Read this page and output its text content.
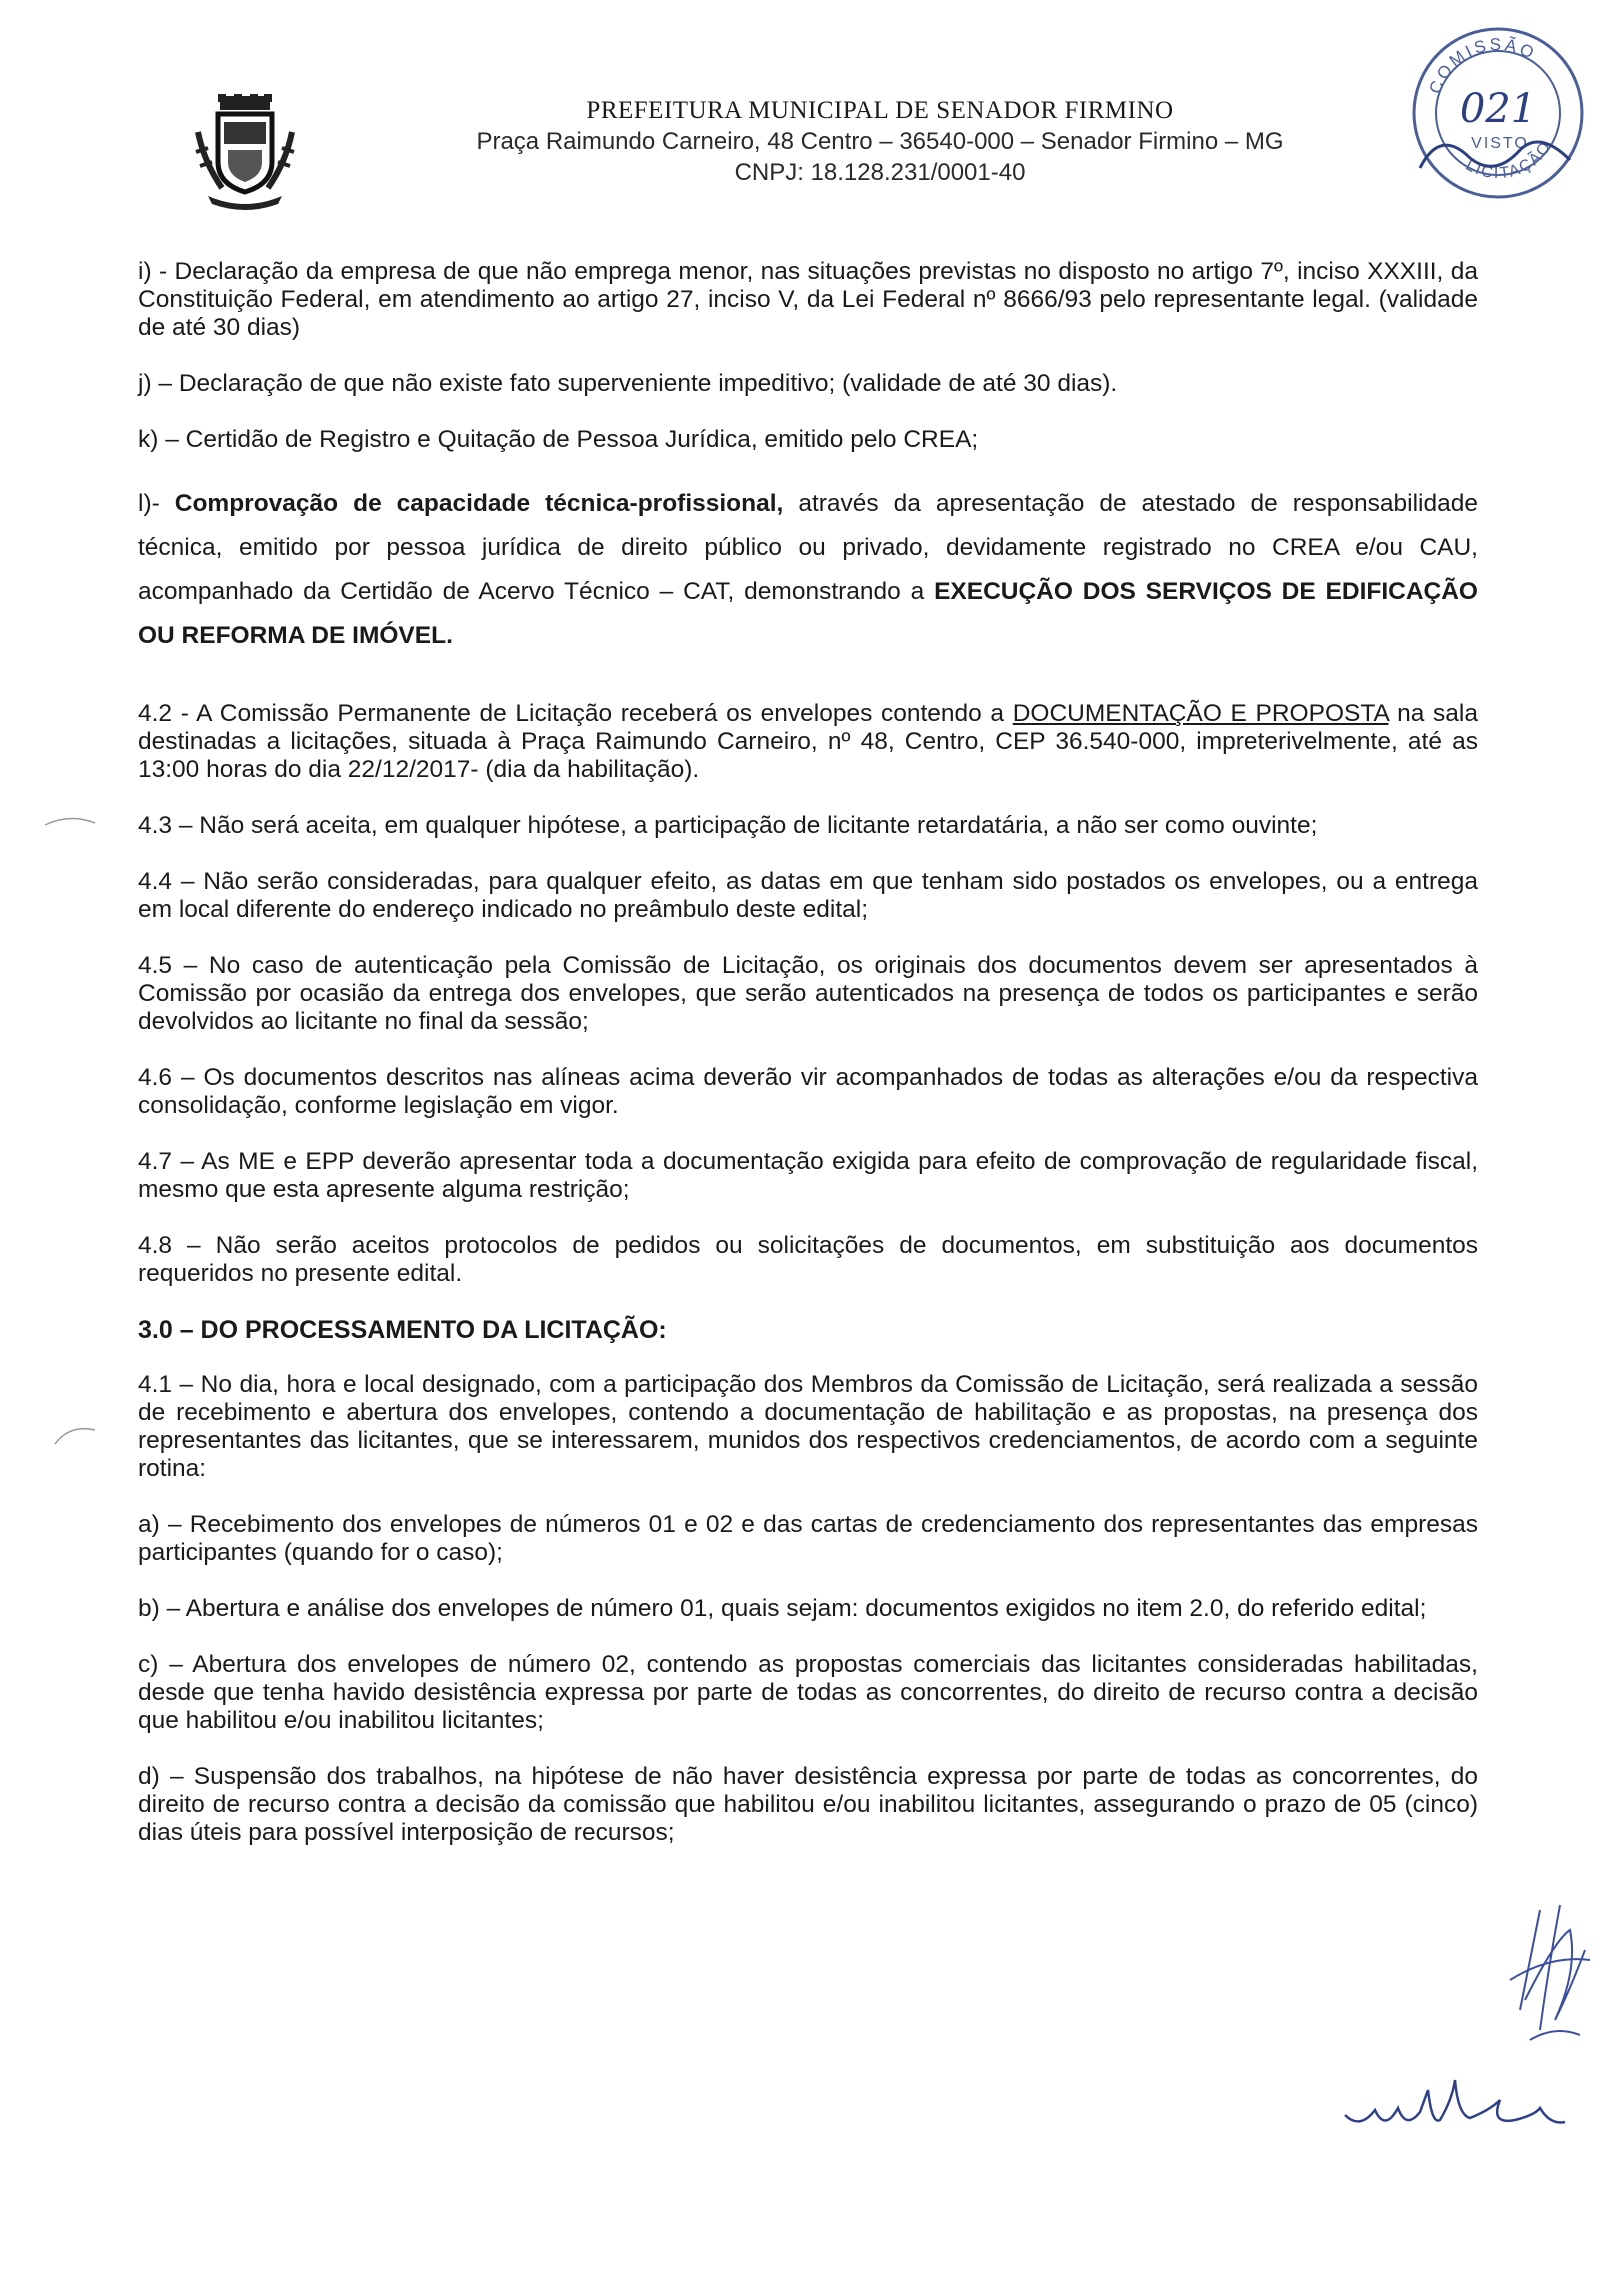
PREFEITURA MUNICIPAL DE SENADOR FIRMINO
Praça Raimundo Carneiro, 48 Centro – 36540-000 – Senador Firmino – MG
CNPJ: 18.128.231/0001-40
COMISSÃO
021
VISTO
LICITAÇÃO

i) - Declaração da empresa de que não emprega menor, nas situações previstas no disposto no artigo 7º, inciso XXXIII, da Constituição Federal, em atendimento ao artigo 27, inciso V, da Lei Federal nº 8666/93 pelo representante legal. (validade de até 30 dias)

j) – Declaração de que não existe fato superveniente impeditivo; (validade de até 30 dias).

k) – Certidão de Registro e Quitação de Pessoa Jurídica, emitido pelo CREA;

l)- Comprovação de capacidade técnica-profissional, através da apresentação de atestado de responsabilidade técnica, emitido por pessoa jurídica de direito público ou privado, devidamente registrado no CREA e/ou CAU, acompanhado da Certidão de Acervo Técnico – CAT, demonstrando a EXECUÇÃO DOS SERVIÇOS DE EDIFICAÇÃO OU REFORMA DE IMÓVEL.

4.2 - A Comissão Permanente de Licitação receberá os envelopes contendo a DOCUMENTAÇÃO E PROPOSTA na sala destinadas a licitações, situada à Praça Raimundo Carneiro, nº 48, Centro, CEP 36.540-000, impreterivelmente, até as 13:00 horas do dia 22/12/2017- (dia da habilitação).

4.3 – Não será aceita, em qualquer hipótese, a participação de licitante retardatária, a não ser como ouvinte;

4.4 – Não serão consideradas, para qualquer efeito, as datas em que tenham sido postados os envelopes, ou a entrega em local diferente do endereço indicado no preâmbulo deste edital;

4.5 – No caso de autenticação pela Comissão de Licitação, os originais dos documentos devem ser apresentados à Comissão por ocasião da entrega dos envelopes, que serão autenticados na presença de todos os participantes e serão devolvidos ao licitante no final da sessão;

4.6 – Os documentos descritos nas alíneas acima deverão vir acompanhados de todas as alterações e/ou da respectiva consolidação, conforme legislação em vigor.

4.7 – As ME e EPP deverão apresentar toda a documentação exigida para efeito de comprovação de regularidade fiscal, mesmo que esta apresente alguma restrição;

4.8 – Não serão aceitos protocolos de pedidos ou solicitações de documentos, em substituição aos documentos requeridos no presente edital.

3.0 – DO PROCESSAMENTO DA LICITAÇÃO:

4.1 – No dia, hora e local designado, com a participação dos Membros da Comissão de Licitação, será realizada a sessão de recebimento e abertura dos envelopes, contendo a documentação de habilitação e as propostas, na presença dos representantes das licitantes, que se interessarem, munidos dos respectivos credenciamentos, de acordo com a seguinte rotina:

a) – Recebimento dos envelopes de números 01 e 02 e das cartas de credenciamento dos representantes das empresas participantes (quando for o caso);

b) – Abertura e análise dos envelopes de número 01, quais sejam: documentos exigidos no item 2.0, do referido edital;

c) – Abertura dos envelopes de número 02, contendo as propostas comerciais das licitantes consideradas habilitadas, desde que tenha havido desistência expressa por parte de todas as concorrentes, do direito de recurso contra a decisão que habilitou e/ou inabilitou licitantes;

d) – Suspensão dos trabalhos, na hipótese de não haver desistência expressa por parte de todas as concorrentes, do direito de recurso contra a decisão da comissão que habilitou e/ou inabilitou licitantes, assegurando o prazo de 05 (cinco) dias úteis para possível interposição de recursos;
